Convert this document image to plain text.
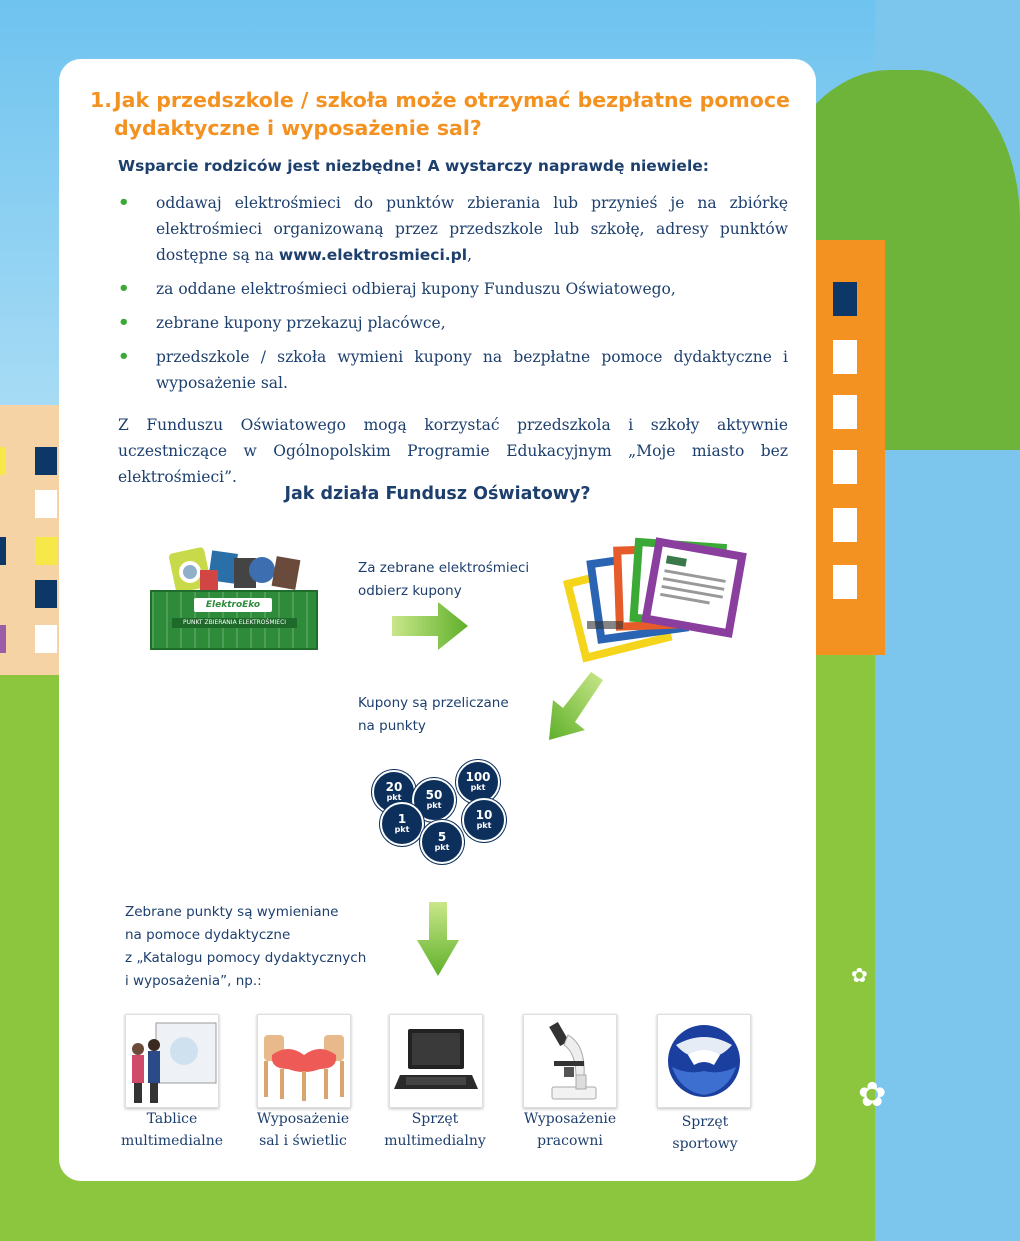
✿
✿
1.Jak przedszkole / szkoła może otrzymać bezpłatne pomoce
dydaktyczne i wyposażenie sal?
Wsparcie rodziców jest niezbędne! A wystarczy naprawdę niewiele:
• oddawaj elektrośmieci do punktów zbierania lub przynieś je na zbiórkę elektrośmieci organizowaną przez przedszkole lub szkołę, adresy punktów dostępne są na www.elektrosmieci.pl,
• za oddane elektrośmieci odbieraj kupony Funduszu Oświatowego,
• zebrane kupony przekazuj placówce,
• przedszkole / szkoła wymieni kupony na bezpłatne pomoce dydaktyczne i wyposażenie sal.
Z Funduszu Oświatowego mogą korzystać przedszkola i szkoły aktywnie uczestniczące w Ogólnopolskim Programie Edukacyjnym „Moje miasto bez elektrośmieci”.
Jak działa Fundusz Oświatowy?
ElektroEko
PUNKT ZBIERANIA ELEKTROŚMIECI
Za zebrane elektrośmieci
odbierz kupony
Kupony są przeliczane
na punkty
20
pkt	50
pkt
100
pkt
1
pkt
5
pkt
10
pkt
Zebrane punkty są wymieniane
na pomoce dydaktyczne
z „Katalogu pomocy dydaktycznych
i wyposażenia”, np.:
Tablice
multimedialne
Wyposażenie
sal i świetlic
Sprzęt
multimedialny
Wyposażenie
pracowni
Sprzęt
sportowy
